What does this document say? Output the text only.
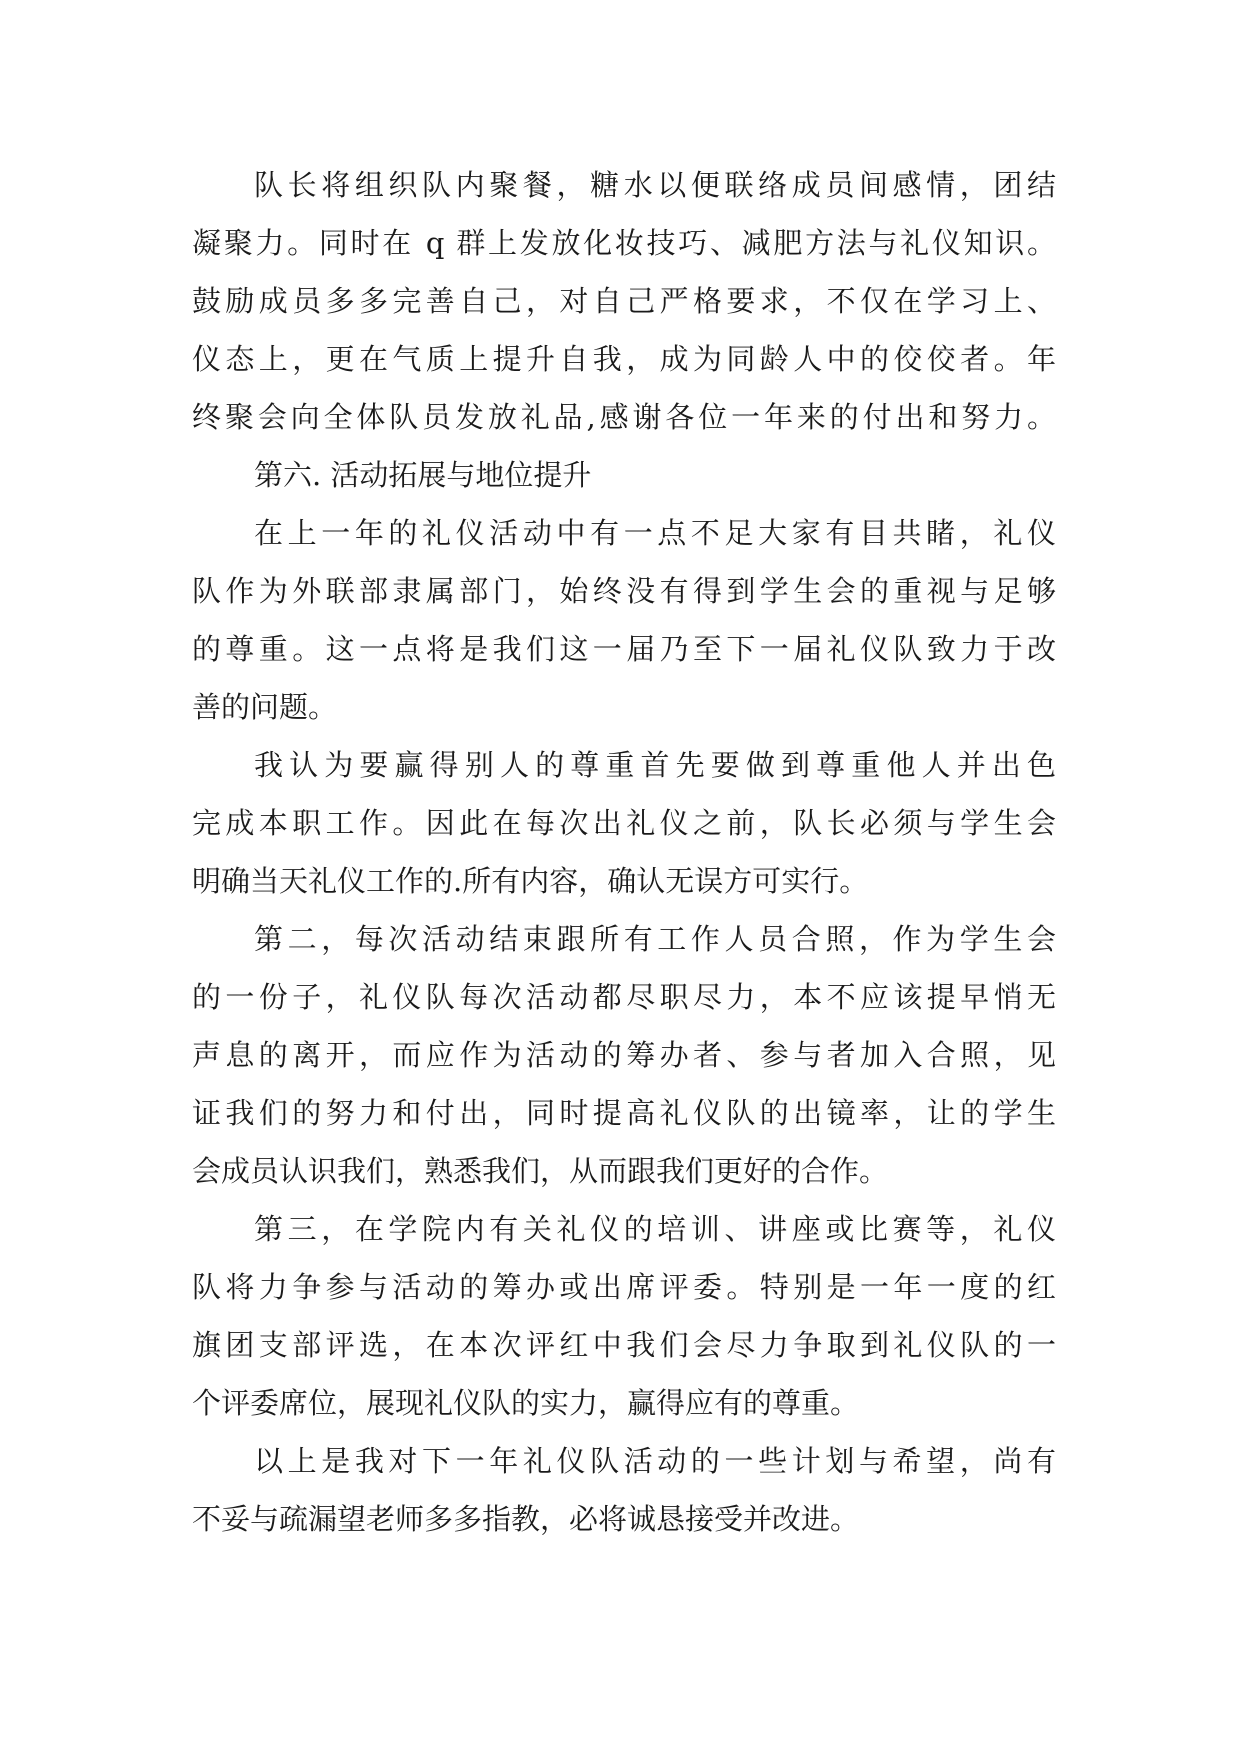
队长将组织队内聚餐，糖水以便联络成员间感情，团结
凝聚力。同时在 q 群上发放化妆技巧、减肥方法与礼仪知识。
鼓励成员多多完善自己，对自己严格要求，不仅在学习上、
仪态上，更在气质上提升自我，成为同龄人中的佼佼者。年
终聚会向全体队员发放礼品,感谢各位一年来的付出和努力。
第六. 活动拓展与地位提升
在上一年的礼仪活动中有一点不足大家有目共睹，礼仪
队作为外联部隶属部门，始终没有得到学生会的重视与足够
的尊重。这一点将是我们这一届乃至下一届礼仪队致力于改
善的问题。
我认为要赢得别人的尊重首先要做到尊重他人并出色
完成本职工作。因此在每次出礼仪之前，队长必须与学生会
明确当天礼仪工作的.所有内容，确认无误方可实行。
第二，每次活动结束跟所有工作人员合照，作为学生会
的一份子，礼仪队每次活动都尽职尽力，本不应该提早悄无
声息的离开，而应作为活动的筹办者、参与者加入合照，见
证我们的努力和付出，同时提高礼仪队的出镜率，让的学生
会成员认识我们，熟悉我们，从而跟我们更好的合作。
第三，在学院内有关礼仪的培训、讲座或比赛等，礼仪
队将力争参与活动的筹办或出席评委。特别是一年一度的红
旗团支部评选，在本次评红中我们会尽力争取到礼仪队的一
个评委席位，展现礼仪队的实力，赢得应有的尊重。
以上是我对下一年礼仪队活动的一些计划与希望，尚有
不妥与疏漏望老师多多指教，必将诚恳接受并改进。
